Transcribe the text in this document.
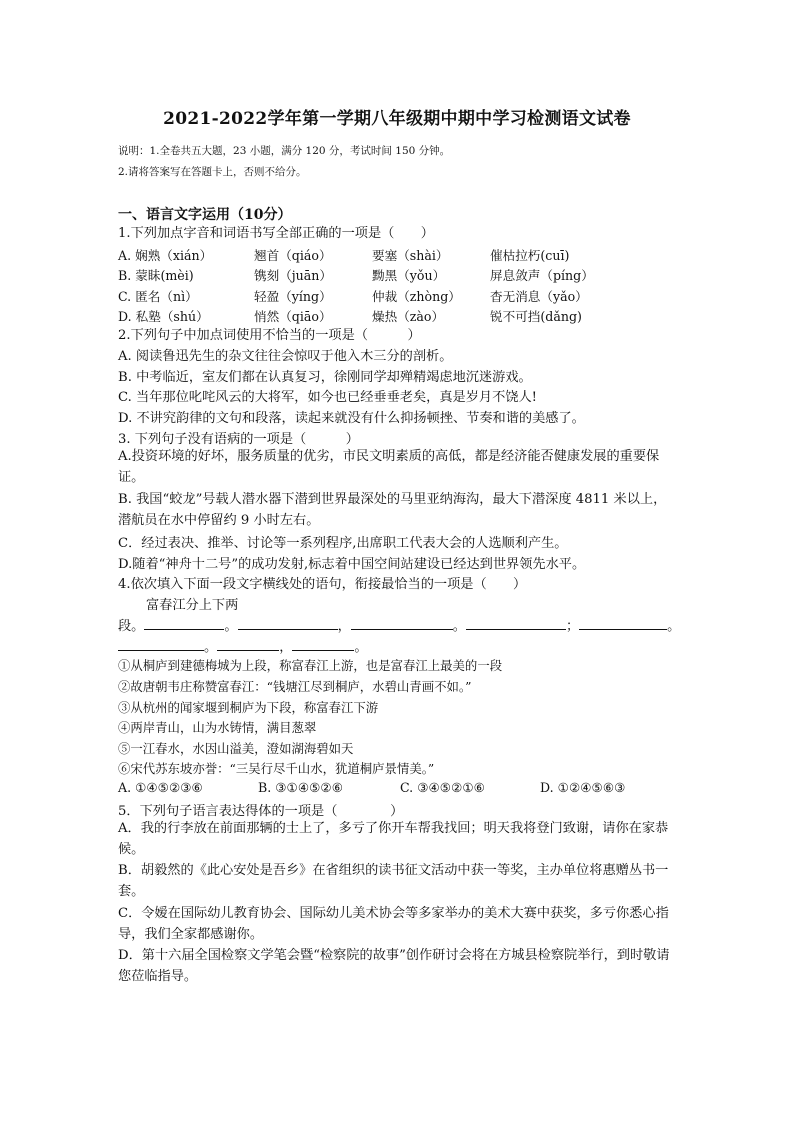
2021-2022学年第一学期八年级期中期中学习检测语文试卷
说明：1.全卷共五大题，23 小题，满分 120 分，考试时间 150 分钟。
2.请将答案写在答题卡上，否则不给分。
一、语言文字运用（10分）
1.下列加点字音和词语书写全部正确的一项是（　　）
A. 娴熟（xián）	翘首（qiáo）	要塞（shài）	催枯拉朽(cuī)
B. 蒙眛(mèi)	镌刻（juān）	黝黑（yǒu）	屏息敛声（píng）
C. 匿名（nì）	轻盈（yíng）	仲裁（zhòng） 杳无消息（yǎo）
D. 私塾（shú）	悄然（qiāo）	燥热（zào）	锐不可挡(dǎng)
2.下列句子中加点词使用不恰当的一项是（　　　）
A. 阅读鲁迅先生的杂文往往会惊叹于他入木三分的剖析。
B. 中考临近，室友们都在认真复习，徐刚同学却殚精竭虑地沉迷游戏。
C. 当年那位叱咤风云的大将军，如今也已经垂垂老矣，真是岁月不饶人!
D. 不讲究韵律的文句和段落，读起来就没有什么抑扬顿挫、节奏和谐的美感了。
3. 下列句子没有语病的一项是（　　　）
A.投资环境的好坏，服务质量的优劣，市民文明素质的高低，都是经济能否健康发展的重要保证。
B. 我国“蛟龙”号载人潜水器下潜到世界最深处的马里亚纳海沟，最大下潜深度 4811 米以上，潜航员在水中停留约 9 小时左右。
C．经过表决、推举、讨论等一系列程序,出席职工代表大会的人选顺利产生。
D.随着“神舟十二号”的成功发射,标志着中国空间站建设已经达到世界领先水平。
4.依次填入下面一段文字横线处的语句，衔接最恰当的一项是（　　）
富春江分上下两
段。	。	，	。	；	。
。	，	。
①从桐庐到建德梅城为上段，称富春江上游，也是富春江上最美的一段
②故唐朝韦庄称赞富春江：“钱塘江尽到桐庐，水碧山青画不如。”
③从杭州的闻家堰到桐庐为下段，称富春江下游
④两岸青山，山为水铸情，满目葱翠
⑤一江春水，水因山溢美，澄如湖海碧如天
⑥宋代苏东坡亦誉：“三吴行尽千山水，犹道桐庐景情美。”
A. ①④⑤②③⑥	B. ③①④⑤②⑥	C. ③④⑤②①⑥	D. ①②④⑤⑥③
5．下列句子语言表达得体的一项是（　　　　）
A．我的行李放在前面那辆的士上了，多亏了你开车帮我找回；明天我将登门致谢，请你在家恭候。
B．胡毅然的《此心安处是吾乡》在省组织的读书征文活动中获一等奖，主办单位将惠赠丛书一套。
C．令嫒在国际幼儿教育协会、国际幼儿美术协会等多家举办的美术大赛中获奖，多亏你悉心指导，我们全家都感谢你。
D．第十六届全国检察文学笔会暨“检察院的故事”创作研讨会将在方城县检察院举行，到时敬请您莅临指导。
